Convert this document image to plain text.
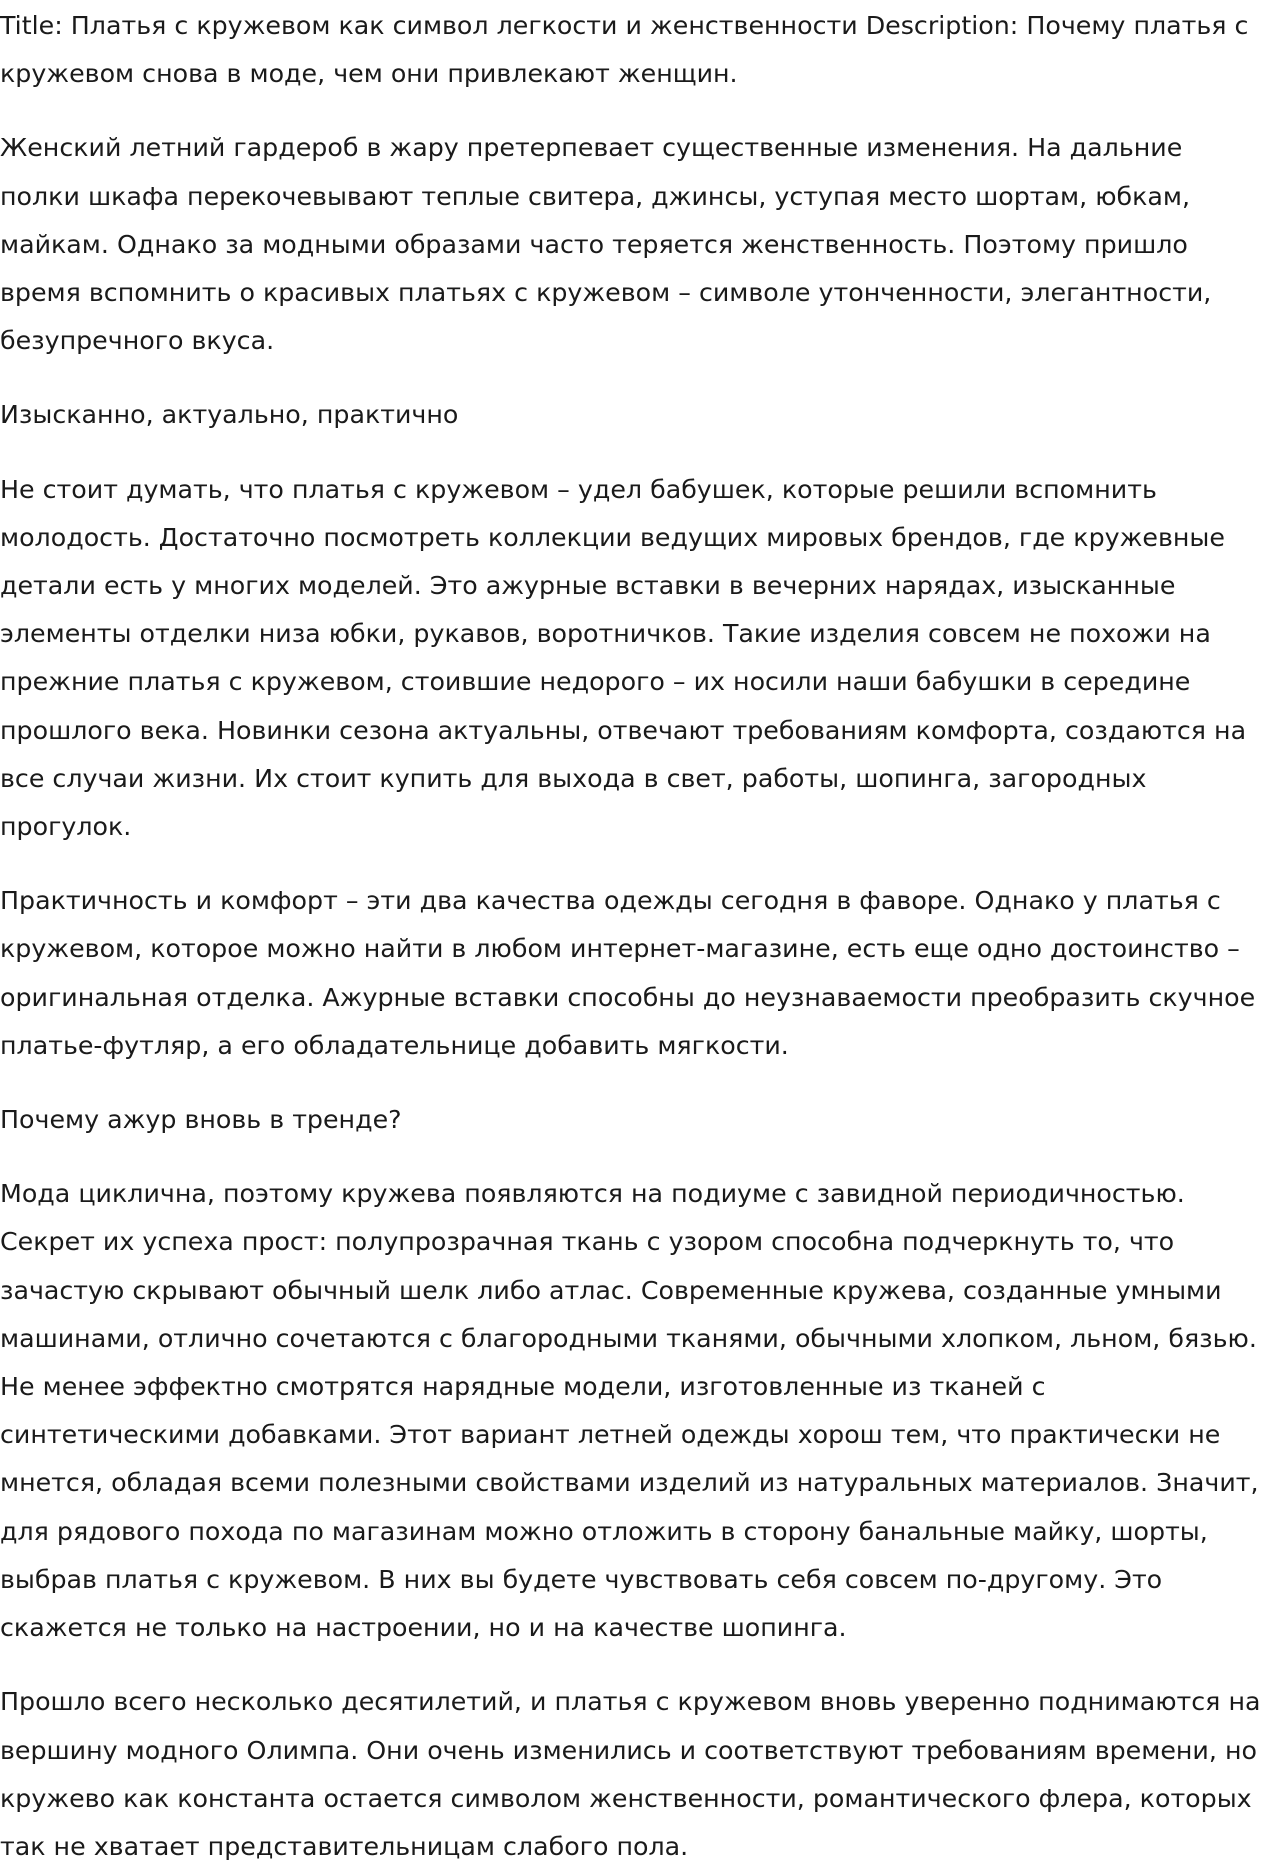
Title: Платья с кружевом как символ легкости и женственности Description: Почему платья с кружевом снова в моде, чем они привлекают женщин.

Женский летний гардероб в жару претерпевает существенные изменения. На дальние полки шкафа перекочевывают теплые свитера, джинсы, уступая место шортам, юбкам, майкам. Однако за модными образами часто теряется женственность. Поэтому пришло время вспомнить о красивых платьях с кружевом – символе утонченности, элегантности, безупречного вкуса.

Изысканно, актуально, практично

Не стоит думать, что платья с кружевом – удел бабушек, которые решили вспомнить молодость. Достаточно посмотреть коллекции ведущих мировых брендов, где кружевные детали есть у многих моделей. Это ажурные вставки в вечерних нарядах, изысканные элементы отделки низа юбки, рукавов, воротничков. Такие изделия совсем не похожи на прежние платья с кружевом, стоившие недорого – их носили наши бабушки в середине прошлого века. Новинки сезона актуальны, отвечают требованиям комфорта, создаются на все случаи жизни. Их стоит купить для выхода в свет, работы, шопинга, загородных прогулок.

Практичность и комфорт – эти два качества одежды сегодня в фаворе. Однако у платья с кружевом, которое можно найти в любом интернет-магазине, есть еще одно достоинство – оригинальная отделка. Ажурные вставки способны до неузнаваемости преобразить скучное платье-футляр, а его обладательнице добавить мягкости.

Почему ажур вновь в тренде?

Мода циклична, поэтому кружева появляются на подиуме с завидной периодичностью. Секрет их успеха прост: полупрозрачная ткань с узором способна подчеркнуть то, что зачастую скрывают обычный шелк либо атлас. Современные кружева, созданные умными машинами, отлично сочетаются с благородными тканями, обычными хлопком, льном, бязью. Не менее эффектно смотрятся нарядные модели, изготовленные из тканей с синтетическими добавками. Этот вариант летней одежды хорош тем, что практически не мнется, обладая всеми полезными свойствами изделий из натуральных материалов. Значит, для рядового похода по магазинам можно отложить в сторону банальные майку, шорты, выбрав платья с кружевом. В них вы будете чувствовать себя совсем по-другому. Это скажется не только на настроении, но и на качестве шопинга.

Прошло всего несколько десятилетий, и платья с кружевом вновь уверенно поднимаются на вершину модного Олимпа. Они очень изменились и соответствуют требованиям времени, но кружево как константа остается символом женственности, романтического флера, которых так не хватает представительницам слабого пола.
